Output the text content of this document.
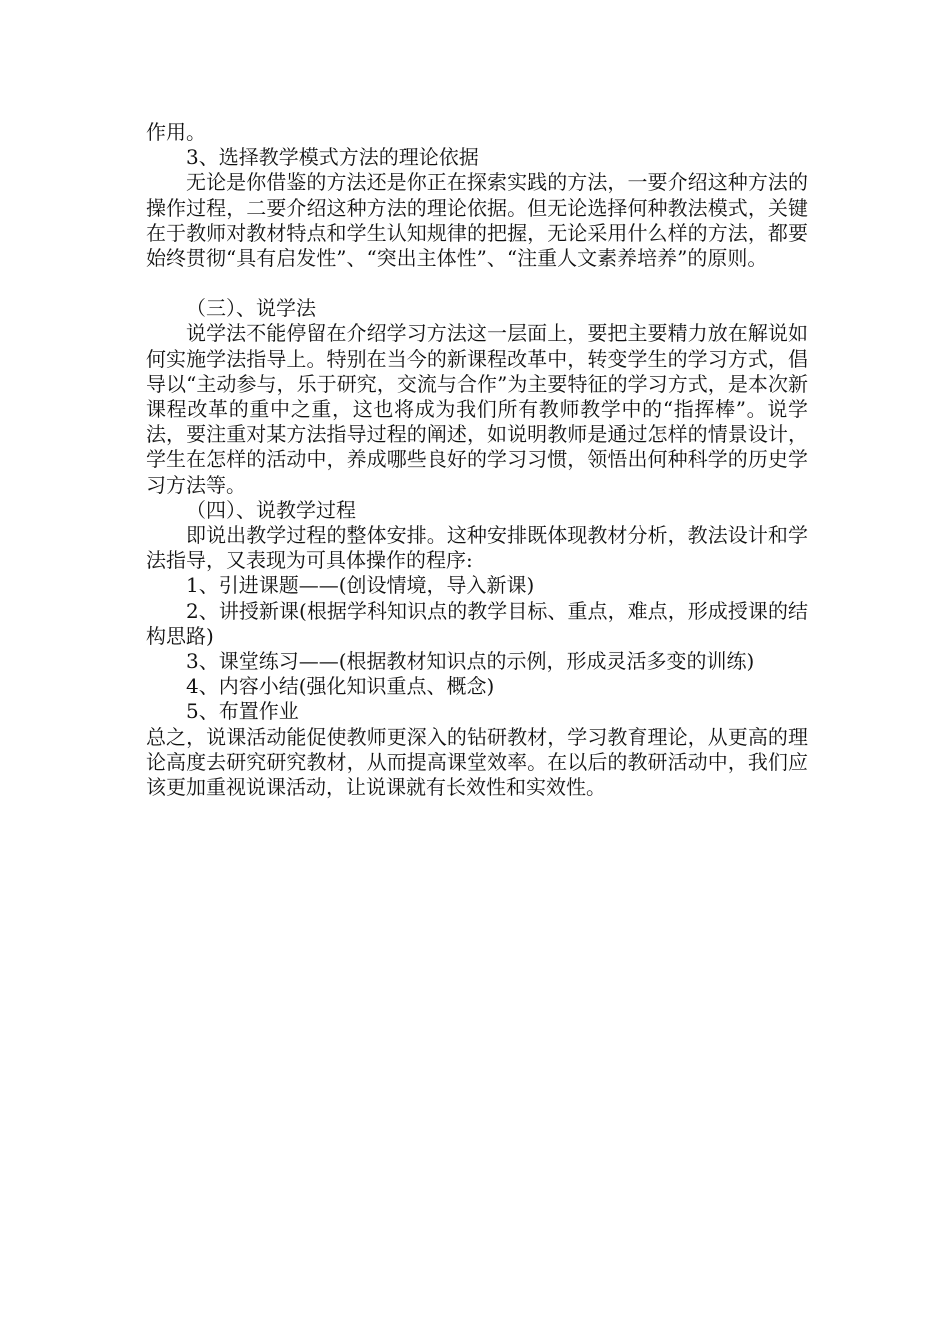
作用。

3、选择教学模式方法的理论依据

无论是你借鉴的方法还是你正在探索实践的方法，一要介绍这种方法的操作过程，二要介绍这种方法的理论依据。但无论选择何种教法模式，关键在于教师对教材特点和学生认知规律的把握，无论采用什么样的方法，都要始终贯彻“具有启发性”、“突出主体性”、“注重人文素养培养”的原则。

（三）、说学法

说学法不能停留在介绍学习方法这一层面上，要把主要精力放在解说如何实施学法指导上。特别在当今的新课程改革中，转变学生的学习方式，倡导以“主动参与，乐于研究，交流与合作”为主要特征的学习方式，是本次新课程改革的重中之重，这也将成为我们所有教师教学中的“指挥棒”。说学法，要注重对某方法指导过程的阐述，如说明教师是通过怎样的情景设计，学生在怎样的活动中，养成哪些良好的学习习惯，领悟出何种科学的历史学习方法等。

（四）、说教学过程

即说出教学过程的整体安排。这种安排既体现教材分析，教法设计和学法指导，又表现为可具体操作的程序:

1、引进课题——(创设情境，导入新课)

2、讲授新课(根据学科知识点的教学目标、重点，难点，形成授课的结构思路)

3、课堂练习——(根据教材知识点的示例，形成灵活多变的训练)

4、内容小结(强化知识重点、概念)

5、布置作业

总之，说课活动能促使教师更深入的钻研教材，学习教育理论，从更高的理论高度去研究研究教材，从而提高课堂效率。在以后的教研活动中，我们应该更加重视说课活动，让说课就有长效性和实效性。
